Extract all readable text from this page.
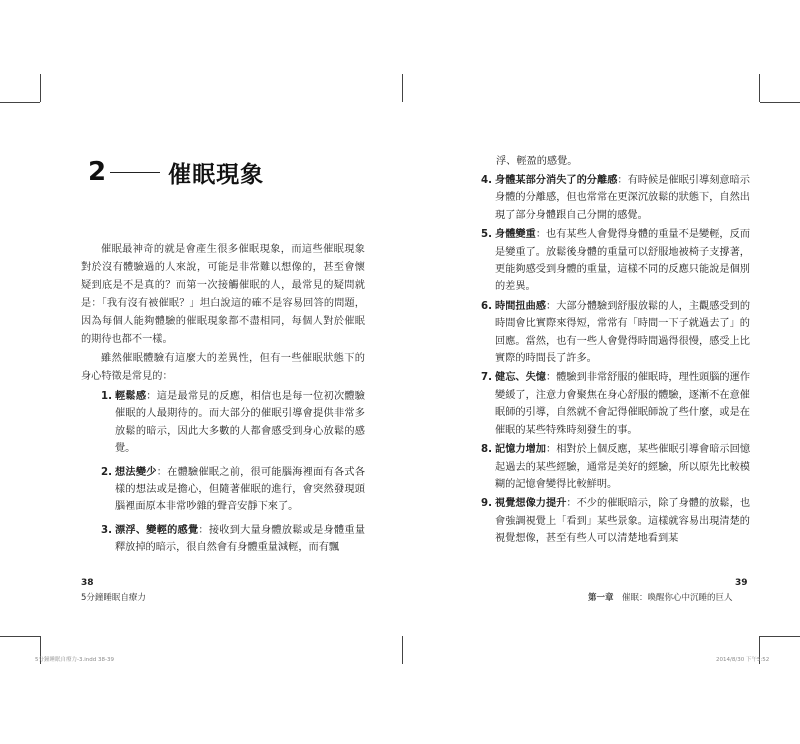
2	催眠現象

催眠最神奇的就是會產生很多催眠現象，而這些催眠現象對於沒有體驗過的人來說，可能是非常難以想像的，甚至會懷疑到底是不是真的？而第一次接觸催眠的人，最常見的疑問就是：「我有沒有被催眠？」坦白說這的確不是容易回答的問題，因為每個人能夠體驗的催眠現象都不盡相同，每個人對於催眠的期待也都不一樣。

雖然催眠體驗有這麼大的差異性，但有一些催眠狀態下的身心特徵是常見的：

1. 輕鬆感：這是最常見的反應，相信也是每一位初次體驗催眠的人最期待的。而大部分的催眠引導會提供非常多放鬆的暗示，因此大多數的人都會感受到身心放鬆的感覺。
2. 想法變少：在體驗催眠之前，很可能腦海裡面有各式各樣的想法或是擔心，但隨著催眠的進行，會突然發現頭腦裡面原本非常吵雜的聲音安靜下來了。
3. 漂浮、變輕的感覺：接收到大量身體放鬆或是身體重量釋放掉的暗示，很自然會有身體重量減輕，而有飄
38
5分鐘睡眠自療力
5分鐘睡眠自療力-3.indd 38-39
浮、輕盈的感覺。
4. 身體某部分消失了的分離感：有時候是催眠引導刻意暗示身體的分離感，但也常常在更深沉放鬆的狀態下，自然出現了部分身體跟自己分開的感覺。
5. 身體變重：也有某些人會覺得身體的重量不是變輕，反而是變重了。放鬆後身體的重量可以舒服地被椅子支撐著，更能夠感受到身體的重量，這樣不同的反應只能說是個別的差異。
6. 時間扭曲感：大部分體驗到舒服放鬆的人，主觀感受到的時間會比實際來得短，常常有「時間一下子就過去了」的回應。當然，也有一些人會覺得時間過得很慢，感受上比實際的時間長了許多。
7. 健忘、失憶：體驗到非常舒服的催眠時，理性頭腦的運作變緩了，注意力會聚焦在身心舒服的體驗，逐漸不在意催眠師的引導，自然就不會記得催眠師說了些什麼，或是在催眠的某些特殊時刻發生的事。
8. 記憶力增加：相對於上個反應，某些催眠引導會暗示回憶起過去的某些經驗，通常是美好的經驗，所以原先比較模糊的記憶會變得比較鮮明。
9. 視覺想像力提升：不少的催眠暗示，除了身體的放鬆，也會強調視覺上「看到」某些景象。這樣就容易出現清楚的視覺想像，甚至有些人可以清楚地看到某
39
第一章 催眠：喚醒你心中沉睡的巨人
2014/8/30 下午5:52
